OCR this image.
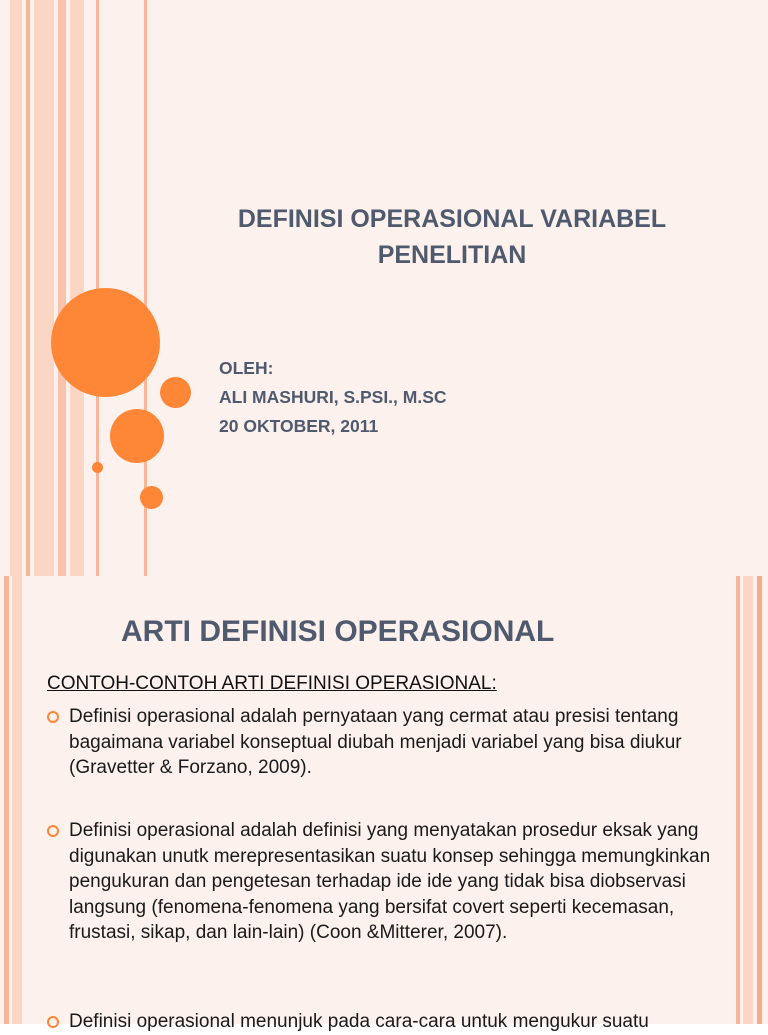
DEFINISI OPERASIONAL VARIABEL
PENELITIAN
OLEH:
ALI MASHURI, S.PSI., M.SC
20 OKTOBER, 2011
ARTI DEFINISI OPERASIONAL
CONTOH-CONTOH ARTI DEFINISI OPERASIONAL:
Definisi operasional adalah pernyataan yang cermat atau presisi tentang bagaimana variabel konseptual diubah menjadi variabel yang bisa diukur (Gravetter & Forzano, 2009).
Definisi operasional adalah definisi yang menyatakan prosedur eksak yang digunakan unutk merepresentasikan suatu konsep sehingga memungkinkan pengukuran dan pengetesan terhadap ide ide yang tidak bisa diobservasi langsung (fenomena-fenomena yang bersifat covert seperti kecemasan, frustasi, sikap, dan lain-lain) (Coon &Mitterer, 2007).
Definisi operasional menunjuk pada cara-cara untuk mengukur suatu
